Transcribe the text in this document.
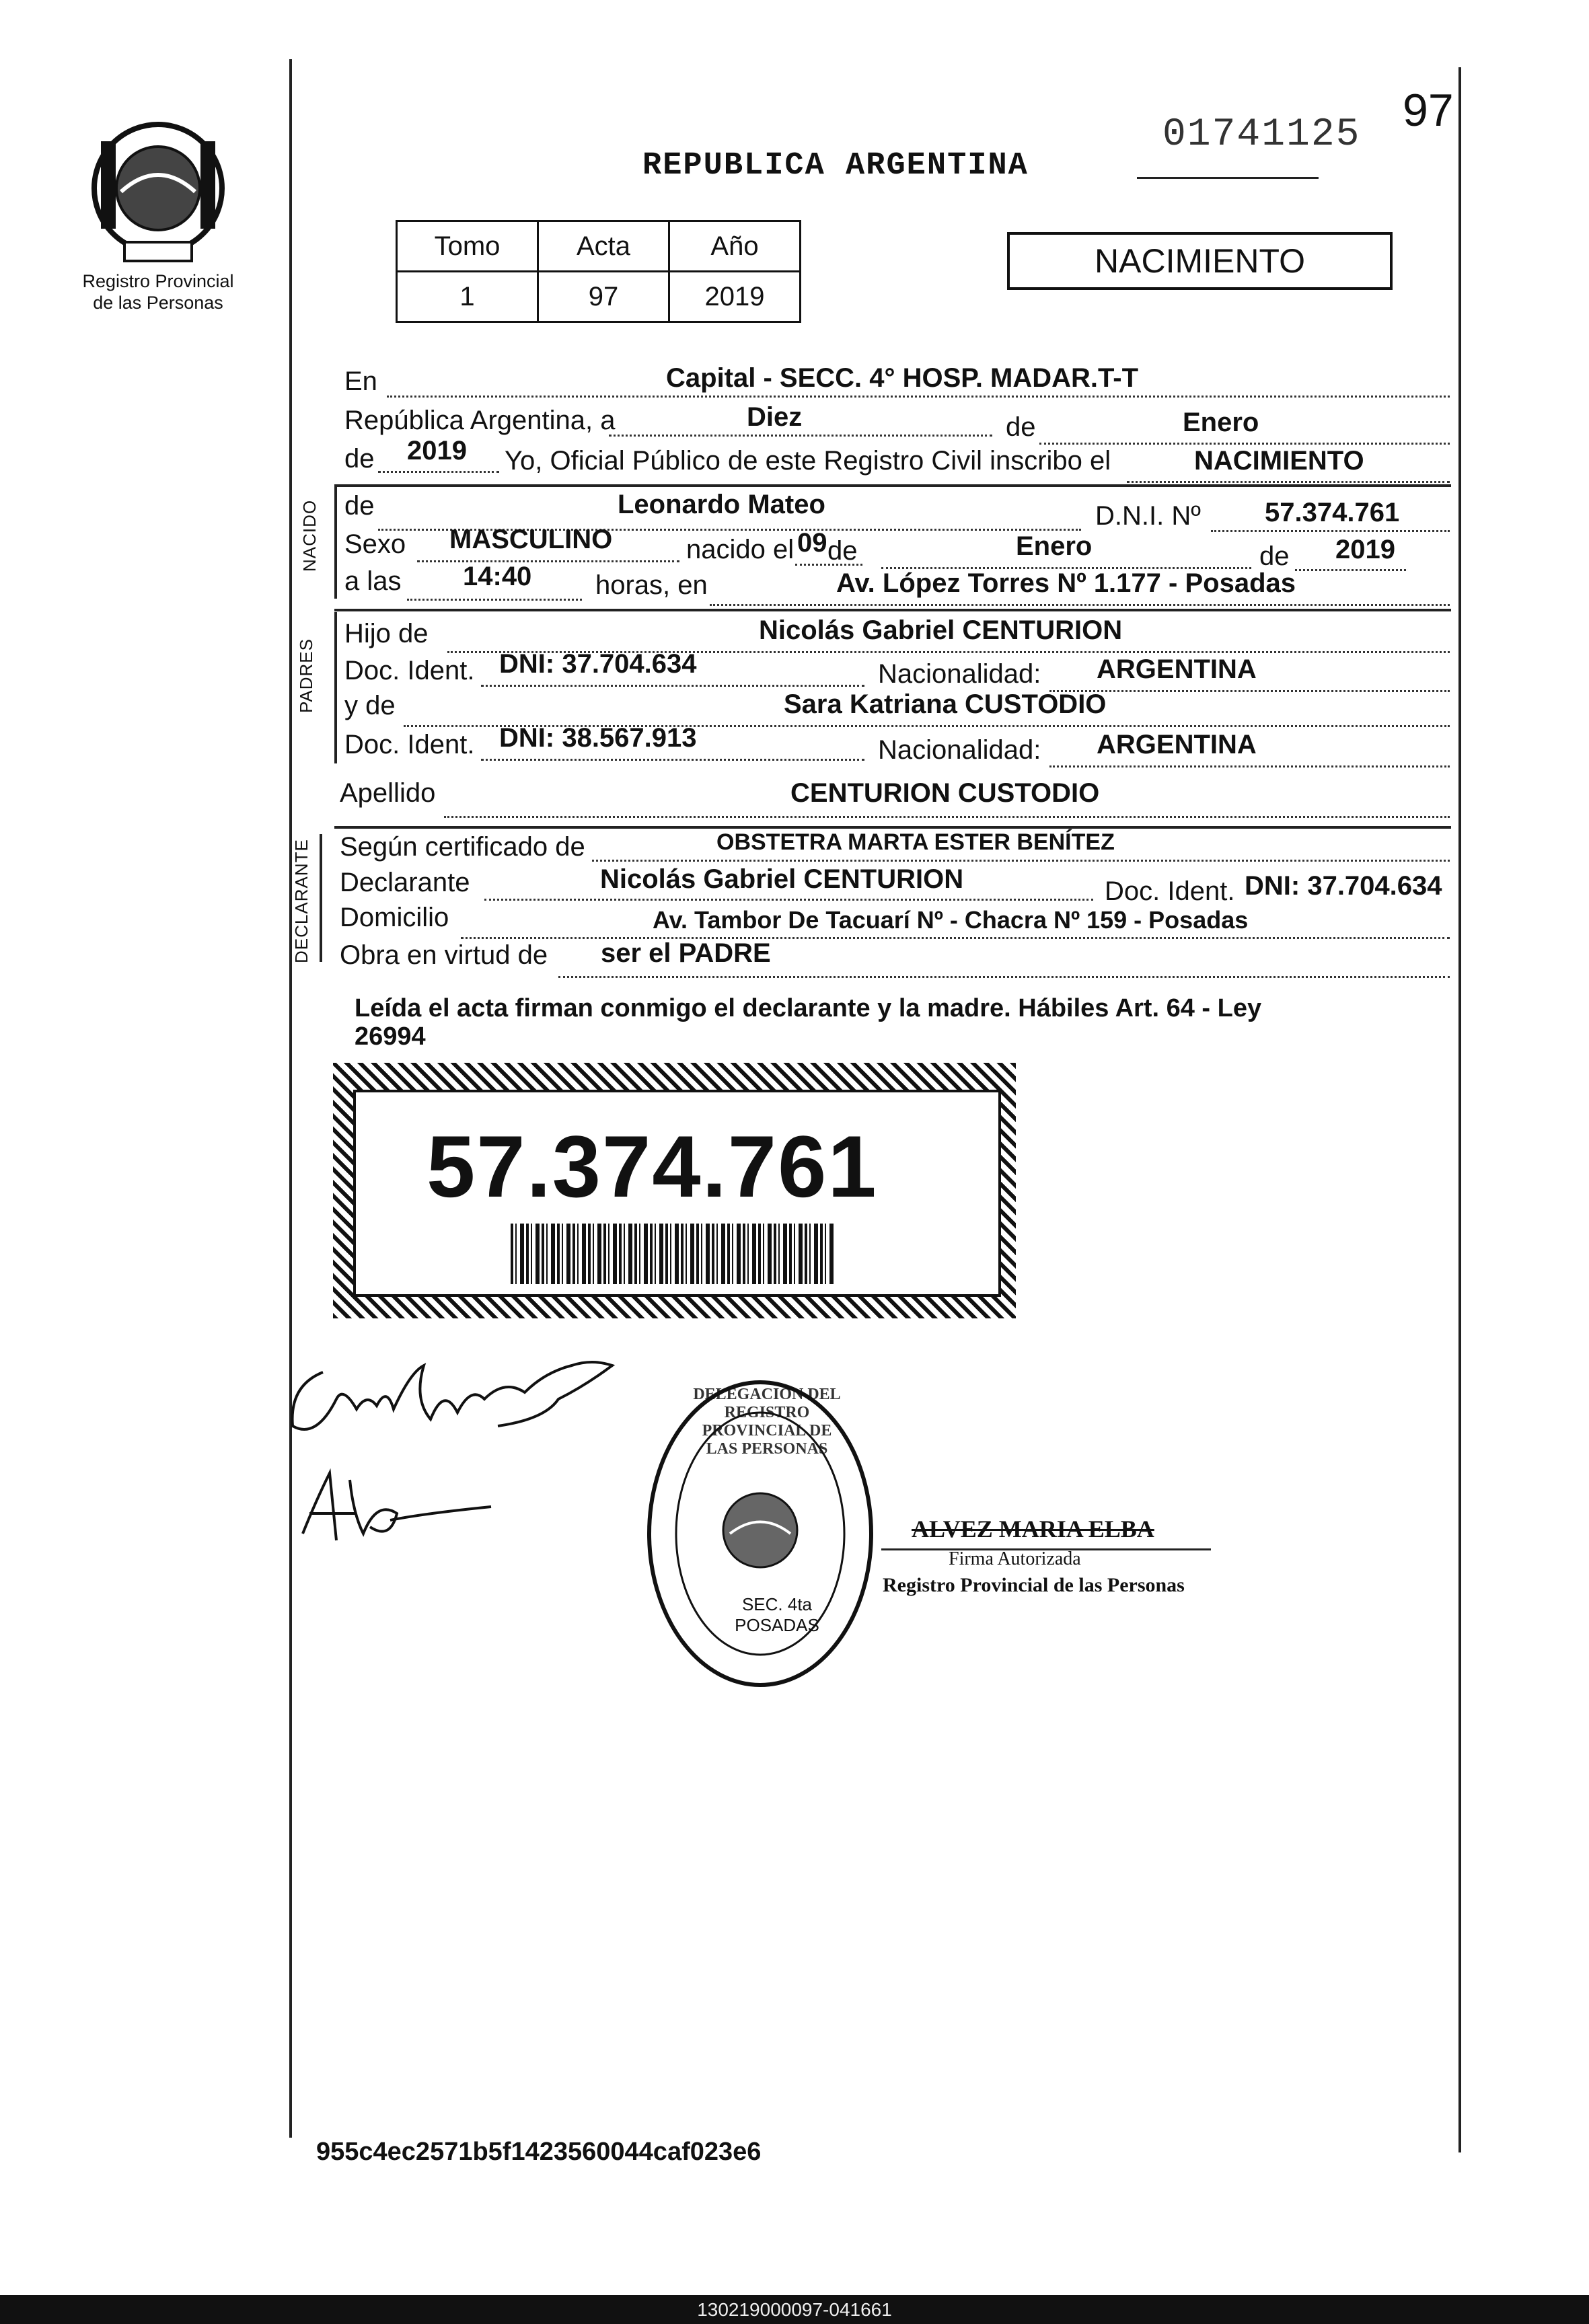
Registro Provincial
de las Personas
97
01741125
REPUBLICA ARGENTINA
Tomo	Acta	Año
1	97	2019
NACIMIENTO
En	Capital - SECC. 4° HOSP. MADAR.T-T
República Argentina, a	Diez	de	Enero
de 2019 Yo, Oficial Público de este Registro Civil inscribo el	NACIMIENTO
NACIDO de	Leonardo Mateo	D.N.I. Nº 57.374.761
Sexo MASCULINO	nacido el 09 de	Enero	de 2019
a las 14:40 horas, en	Av. López Torres Nº 1.177 - Posadas
PADRES
Hijo de	Nicolás Gabriel CENTURION
Doc. Ident. DNI: 37.704.634	Nacionalidad: ARGENTINA
y de	Sara Katriana CUSTODIO
Doc. Ident. DNI: 38.567.913	Nacionalidad: ARGENTINA
Apellido	CENTURION CUSTODIO
DECLARANTE Según certificado de	OBSTETRA MARTA ESTER BENÍTEZ
Declarante	Nicolás Gabriel CENTURION	Doc. Ident. DNI: 37.704.634
Domicilio	Av. Tambor De Tacuarí Nº - Chacra Nº 159 - Posadas
Obra en virtud de ser el PADRE
Leída el acta firman conmigo el declarante y la madre. Hábiles Art. 64 - Ley
26994
57.374.761
DELEGACION DEL REGISTRO PROVINCIAL DE LAS PERSONAS
SEC. 4ta POSADAS
ALVEZ MARIA ELBA
Firma Autorizada
Registro Provincial de las Personas
955c4ec2571b5f1423560044caf023e6
130219000097-041661
